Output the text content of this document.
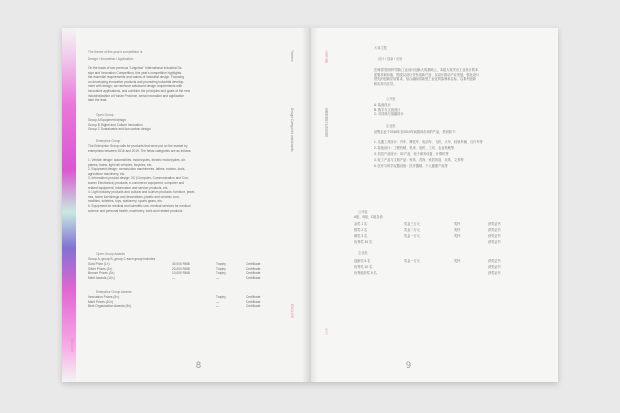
The theme of this year's competition is
Design / Innovation / Application
On the basis of two previous "Lingzhou" International Industrial De-
sign and Innovation Competition, this year's competition highlights
the essential requirements and values of industrial design. Focusing
on developing innovative products and promoting industrial develop-
ment with design, we reinforce advanced design requirements with
innovative applications, and combine the principles and goals of the new
industrialization of Hunan Province, serial innovation and application
take the lead.
Open Group
Group A Equipment design
Group B Digital and Culture Innovation
Group C Sustainable and low-carbon design
Enterprise Group
The Enterprise Group calls for products that were put on the market by
enterprises between 2016 and 2019. The fields categories are as follows:
1. Vehicle design: automobiles, motorcycles, electric motorcycles, air-
planes, trains, light rail vehicles, bicycles, etc.
2. Equipment design: construction machineries, lathes, motors, tools,
agriculture machinery, etc.
3. Information product design: 3C (Computer, Communication and Con-
sumer Electronics) products, e-commerce equipment, computer and
related equipment, information and service products, etc.
4. Light industry products and cultural and tourism products: furniture, jewel-
ries, home furnishings and decorations, plastic and ceramic com-
modities, toiletries, toys, stationery, sports gears, etc.
5. Equipment for medical and scientific use: medical services for medical
science and personal health, machinery, tools and related products
Open Group Awards
Group A, group B, group C each group includes
Gold Prize (1×)	30,000 RMB	Trophy	Certificate
Silver Prizes (2×)	20,000 RMB	Trophy	Certificate
Bronze Prizes (3×)	10,000 RMB	Trophy	Certificate
Merit Awards (10×)	—	—	Certificate
Enterprise Group Awards
Innovation Prizes (5×)	Trophy	Certificate
Merit Prizes (10×)	—	Certificate
Best Organization Awards (5×)	—	Certificate
Themes
Design Categories and Awards
ENGLISH
ENGLISH
8
大赛主题
赛题设置与奖项设置
中文
大赛主题
设计 / 创新 / 应用
在两届“陵州杯”国际工业设计创新大赛基础上，本届大赛突出工业设计的本
质要求和价值，围绕以设计开发创新产品、以设计推动产业发展，强化设计
领先的创新应用要求，结合湖南省新型工业化的原则和目标，以系列创新
和应用为先导。
公开组
A. 装备设计
B. 数字与文创设计
C. 可持续与低碳设计
企业组
征集企业于2016年至2019年间推向市场的产品，类别如下：
1. 交通工具设计：汽车、摩托车、电动车、飞机、火车、轻轨车辆、自行车等
2. 装备设计：工程机械、机床、电机、工具、农业机械等
3. 信息产品设计：3C产品、电子商务设备、计算机等
4. 轻工产品与文旅产品：家具、首饰、家居用品、玩具、文具等
5. 医疗与科学仪器设备：医疗器械、个人健康产品等
公开组
A组、B组、C组各设
金奖 1 名	奖金三万元	奖杯	获奖证书
银奖 2 名	奖金二万元	奖杯	获奖证书
铜奖 3 名	奖金一万元	奖杯	获奖证书
优秀奖 10 名	获奖证书
企业组
创新奖 5 名	奖金一万元	奖杯	获奖证书
优秀奖 10 名	获奖证书
优秀组织奖 5 名	获奖证书
9
